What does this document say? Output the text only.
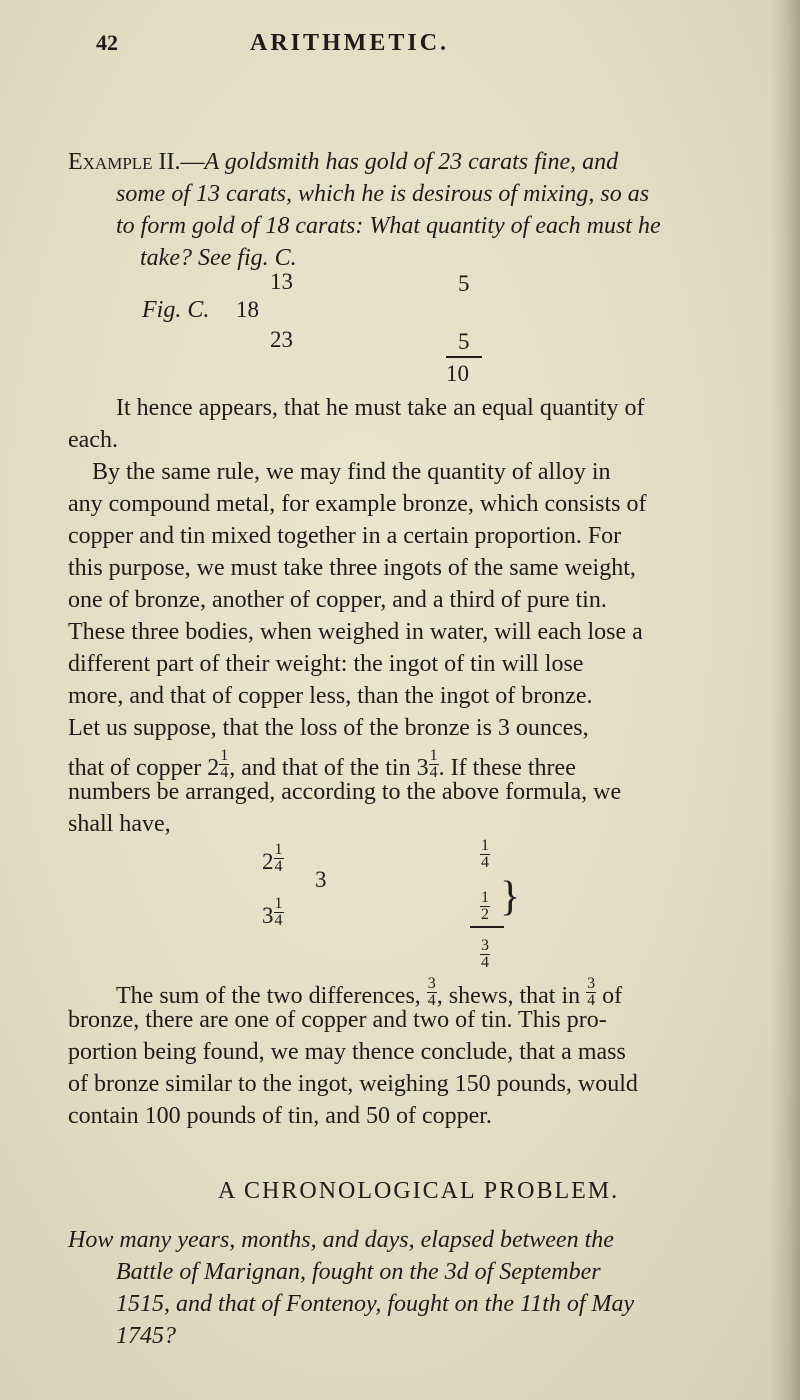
42	ARITHMETIC.
Example II.—A goldsmith has gold of 23 carats fine, and
some of 13 carats, which he is desirous of mixing, so as
to form gold of 18 carats: What quantity of each must he
take? See fig. C.
13	5
Fig. C. 18
23	5
10
It hence appears, that he must take an equal quantity of
each.
By the same rule, we may find the quantity of alloy in
any compound metal, for example bronze, which consists of
copper and tin mixed together in a certain proportion. For
this purpose, we must take three ingots of the same weight,
one of bronze, another of copper, and a third of pure tin.
These three bodies, when weighed in water, will each lose a
different part of their weight: the ingot of tin will lose
more, and that of copper less, than the ingot of bronze.
Let us suppose, that the loss of the bronze is 3 ounces,
that of copper $2 \frac{1}{4}$ , and that of the tin $3 \frac{1}{4}$ . If these three
numbers be arranged, according to the above formula, we
shall have,
$2 \frac{1}{4}$	$\frac{1}{4}$
3
$3 \frac{1}{4}$	$\frac{1}{2}$
$\frac{3}{4}$
}
The sum of the two differences, $\frac{3}{4}$ , shews, that in $\frac{3}{4}$ of
bronze, there are one of copper and two of tin. This pro-
portion being found, we may thence conclude, that a mass
of bronze similar to the ingot, weighing 150 pounds, would
contain 100 pounds of tin, and 50 of copper.
A CHRONOLOGICAL PROBLEM.
How many years, months, and days, elapsed between the
Battle of Marignan, fought on the 3d of September
1515, and that of Fontenoy, fought on the 11th of May
1745?
